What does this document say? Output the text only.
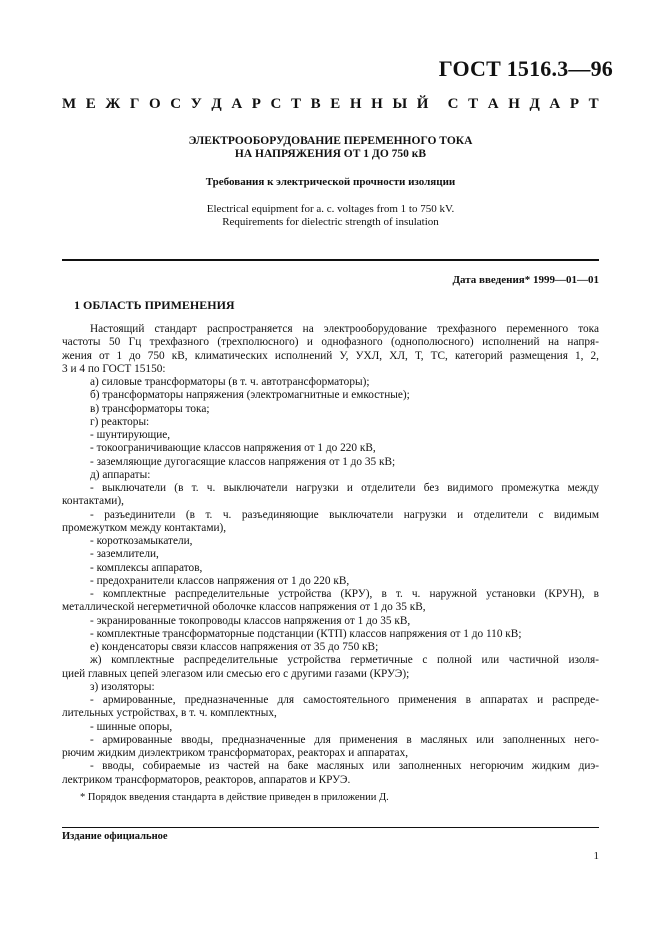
ГОСТ 1516.3—96
М Е Ж Г О С У Д А Р С Т В Е Н Н Ы Й С Т А Н Д А Р Т
ЭЛЕКТРООБОРУДОВАНИЕ ПЕРЕМЕННОГО ТОКА
НА НАПРЯЖЕНИЯ ОТ 1 ДО 750 кВ
Требования к электрической прочности изоляции
Electrical equipment for a. c. voltages from 1 to 750 kV.
Requirements for dielectric strength of insulation
Дата введения* 1999—01—01
1 ОБЛАСТЬ ПРИМЕНЕНИЯ
Настоящий стандарт распространяется на электрооборудование трехфазного переменного тока
частоты 50 Гц трехфазного (трехполюсного) и однофазного (однополюсного) исполнений на напря-
жения от 1 до 750 кВ, климатических исполнений У, УХЛ, ХЛ, Т, ТС, категорий размещения 1, 2,
3 и 4 по ГОСТ 15150:
а) силовые трансформаторы (в т. ч. автотрансформаторы);
б) трансформаторы напряжения (электромагнитные и емкостные);
в) трансформаторы тока;
г) реакторы:
- шунтирующие,
- токоограничивающие классов напряжения от 1 до 220 кВ,
- заземляющие дугогасящие классов напряжения от 1 до 35 кВ;
д) аппараты:
- выключатели (в т. ч. выключатели нагрузки и отделители без видимого промежутка между
контактами),
- разъединители (в т. ч. разъединяющие выключатели нагрузки и отделители с видимым
промежутком между контактами),
- короткозамыкатели,
- заземлители,
- комплексы аппаратов,
- предохранители классов напряжения от 1 до 220 кВ,
- комплектные распределительные устройства (КРУ), в т. ч. наружной установки (КРУН), в
металлической негерметичной оболочке классов напряжения от 1 до 35 кВ,
- экранированные токопроводы классов напряжения от 1 до 35 кВ,
- комплектные трансформаторные подстанции (КТП) классов напряжения от 1 до 110 кВ;
е) конденсаторы связи классов напряжения от 35 до 750 кВ;
ж) комплектные распределительные устройства герметичные с полной или частичной изоля-
цией главных цепей элегазом или смесью его с другими газами (КРУЭ);
з) изоляторы:
- армированные, предназначенные для самостоятельного применения в аппаратах и распреде-
лительных устройствах, в т. ч. комплектных,
- шинные опоры,
- армированные вводы, предназначенные для применения в масляных или заполненных него-
рючим жидким диэлектриком трансформаторах, реакторах и аппаратах,
- вводы, собираемые из частей на баке масляных или заполненных негорючим жидким диэ-
лектриком трансформаторов, реакторов, аппаратов и КРУЭ.
* Порядок введения стандарта в действие приведен в приложении Д.
Издание официальное
1
